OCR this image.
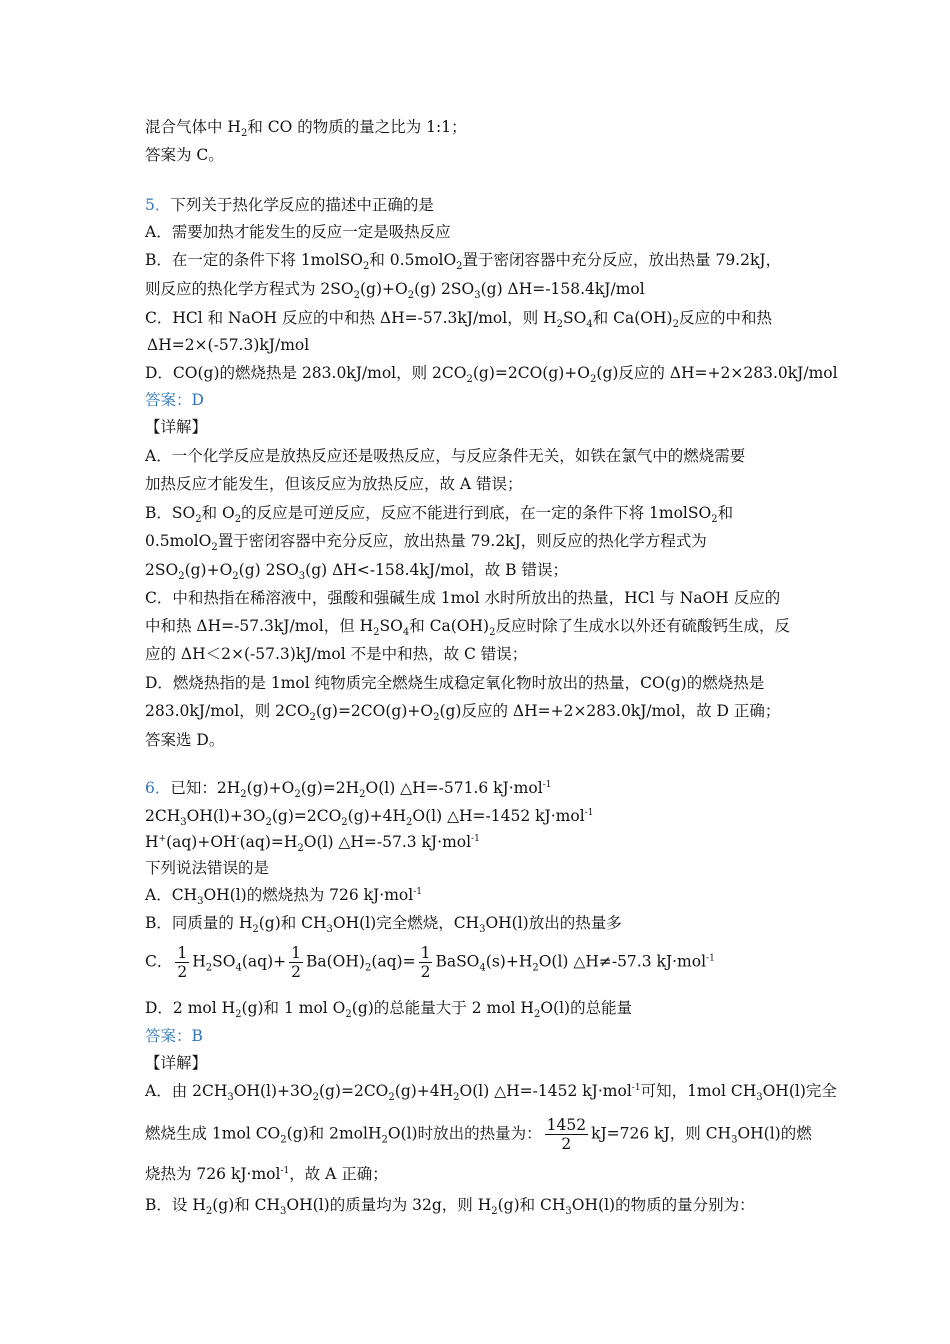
混合气体中 $H_2$和 CO 的物质的量之比为 1:1；
答案为 C。
5．下列关于热化学反应的描述中正确的是
A．需要加热才能发生的反应一定是吸热反应
B．在一定的条件下将 1molSO$_2$和 0.5molO$_2$置于密闭容器中充分反应，放出热量 79.2kJ，
则反应的热化学方程式为 $2SO_2(g)+O_2(g)$ $2SO_3(g)$ ΔH=-158.4kJ/mol
C．HCl 和 NaOH 反应的中和热 ΔH=-57.3kJ/mol，则 $H_2SO_4$和 $Ca(OH)_2$反应的中和热
ΔH=2×(-57.3)kJ/mol
D．CO(g)的燃烧热是 283.0kJ/mol，则 $2CO_2(g)=2CO(g)+O_2(g)$反应的 ΔH=+2×283.0kJ/mol
答案：D
【详解】
A．一个化学反应是放热反应还是吸热反应，与反应条件无关，如铁在氯气中的燃烧需要
加热反应才能发生，但该反应为放热反应，故 A 错误；
B．$SO_2$和 $O_2$的反应是可逆反应，反应不能进行到底，在一定的条件下将 1molSO$_2$和
0.5molO$_2$置于密闭容器中充分反应，放出热量 79.2kJ，则反应的热化学方程式为
$2SO_2(g)+O_2(g)$ $2SO_3(g)$ ΔH<-158.4kJ/mol，故 B 错误；
C．中和热指在稀溶液中，强酸和强碱生成 1mol 水时所放出的热量，HCl 与 NaOH 反应的
中和热 ΔH=-57.3kJ/mol，但 $H_2SO_4$和 $Ca(OH)_2$反应时除了生成水以外还有硫酸钙生成，反
应的 ΔH＜2×(-57.3)kJ/mol 不是中和热，故 C 错误；
D．燃烧热指的是 1mol 纯物质完全燃烧生成稳定氧化物时放出的热量，CO(g)的燃烧热是
283.0kJ/mol，则 $2CO_2(g)=2CO(g)+O_2(g)$反应的 ΔH=+2×283.0kJ/mol，故 D 正确；
答案选 D。
6．已知：$2H_2(g)+O_2(g)=2H_2O(l)$ △H=-571.6 kJ·mol$^{-1}$
$2CH_3OH(l)+3O_2(g)=2CO_2(g)+4H_2O(l)$ △H=-1452 kJ·mol$^{-1}$
$H^+(aq)+OH^-(aq)=H_2O(l)$ △H=-57.3 kJ·mol$^{-1}$
下列说法错误的是
A．$CH_3OH(l)$的燃烧热为 726 kJ·mol$^{-1}$
B．同质量的 $H_2(g)$和 $CH_3OH(l)$完全燃烧，$CH_3OH(l)$放出的热量多
C． $\frac{1}{2} H_2SO_4(aq)+ \frac{1}{2} Ba(OH)_2(aq)= \frac{1}{2}$ $BaSO_4(s)+H_2O(l)$ △H≠-57.3 kJ·mol$^{-1}$
D．2 mol $H_2(g)$和 1 mol $O_2(g)$的总能量大于 2 mol $H_2O(l)$的总能量
答案：B
【详解】
A．由 $2CH_3OH(l)+3O_2(g)=2CO_2(g)+4H_2O(l)$ △H=-1452 kJ·mol$^{-1}$可知，1mol $CH_3OH(l)$完全
燃烧生成 1mol $CO_2(g)$和 2molH$_2$O(l)时放出的热量为： $\frac{1452}{2} kJ=726$ kJ，则 $CH_3OH(l)$的燃
烧热为 726 kJ·mol$^{-1}$，故 A 正确；
B．设 $H_2(g)$和 $CH_3OH(l)$的质量均为 32g，则 $H_2(g)$和 $CH_3OH(l)$的物质的量分别为：
